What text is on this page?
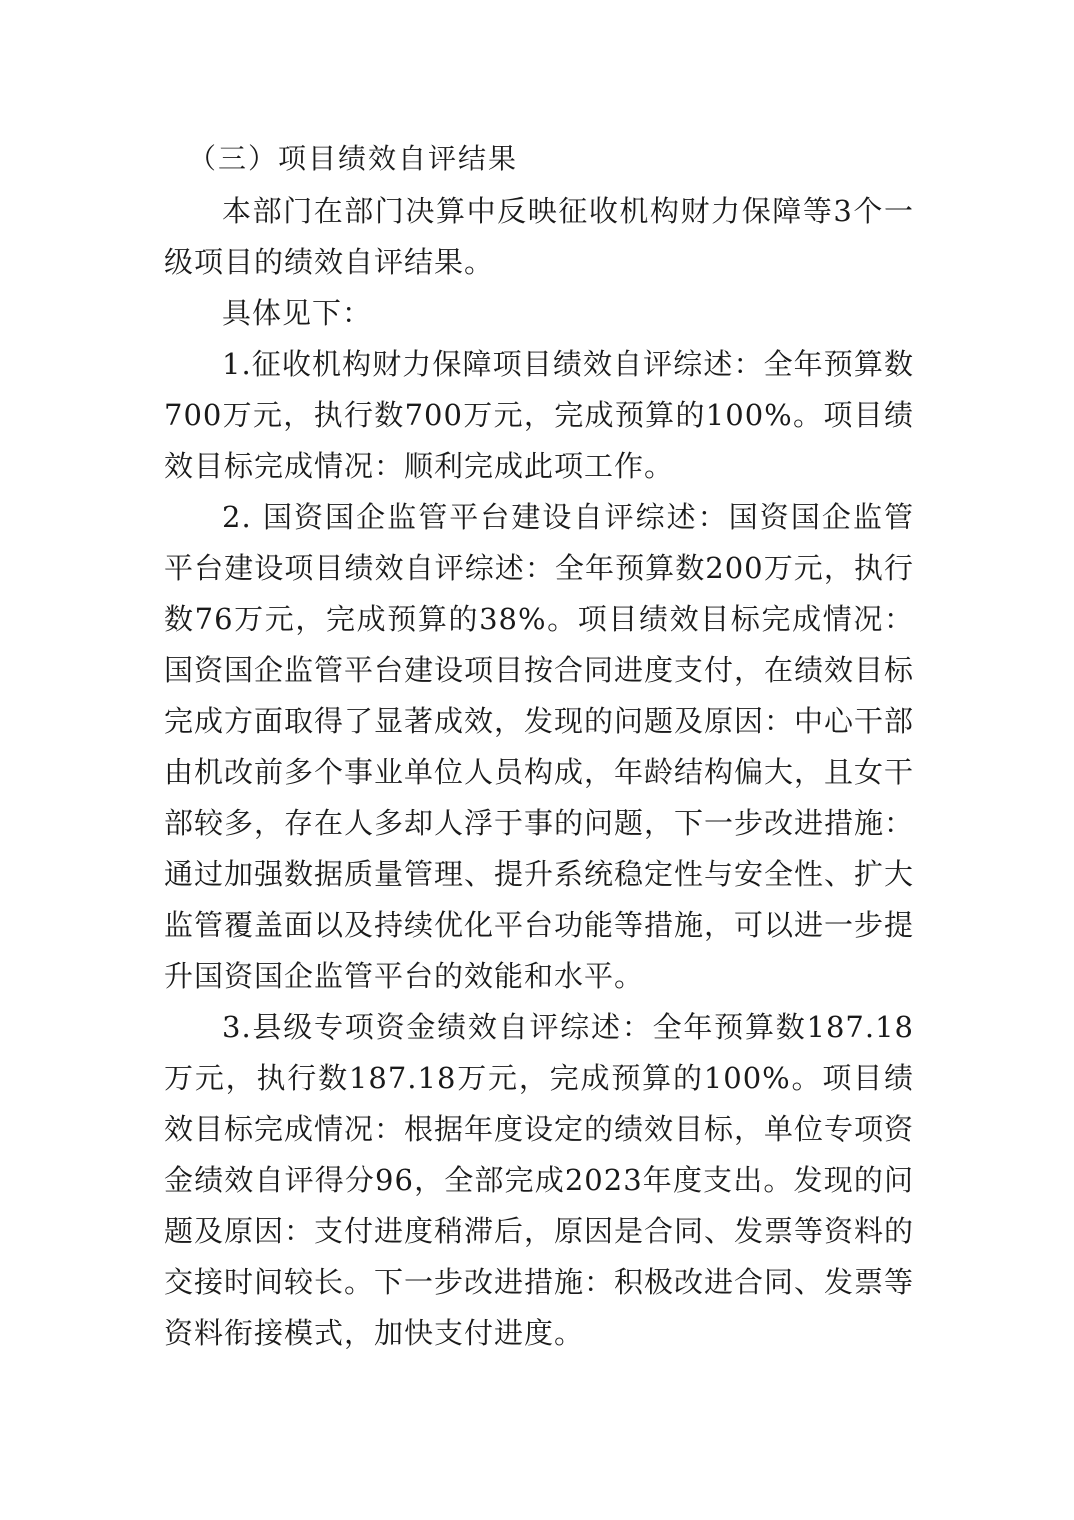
（三）项目绩效自评结果

本部门在部门决算中反映征收机构财力保障等3个一级项目的绩效自评结果。

具体见下：

1.征收机构财力保障项目绩效自评综述：全年预算数700万元，执行数700万元，完成预算的100%。项目绩效目标完成情况：顺利完成此项工作。

2. 国资国企监管平台建设自评综述：国资国企监管平台建设项目绩效自评综述：全年预算数200万元，执行数76万元，完成预算的38%。项目绩效目标完成情况：国资国企监管平台建设项目按合同进度支付，在绩效目标完成方面取得了显著成效，发现的问题及原因：中心干部由机改前多个事业单位人员构成，年龄结构偏大，且女干部较多，存在人多却人浮于事的问题，下一步改进措施：通过加强数据质量管理、提升系统稳定性与安全性、扩大监管覆盖面以及持续优化平台功能等措施，可以进一步提升国资国企监管平台的效能和水平。

3.县级专项资金绩效自评综述：全年预算数187.18万元，执行数187.18万元，完成预算的100%。项目绩效目标完成情况：根据年度设定的绩效目标，单位专项资金绩效自评得分96，全部完成2023年度支出。发现的问题及原因：支付进度稍滞后，原因是合同、发票等资料的交接时间较长。下一步改进措施：积极改进合同、发票等资料衔接模式，加快支付进度。
